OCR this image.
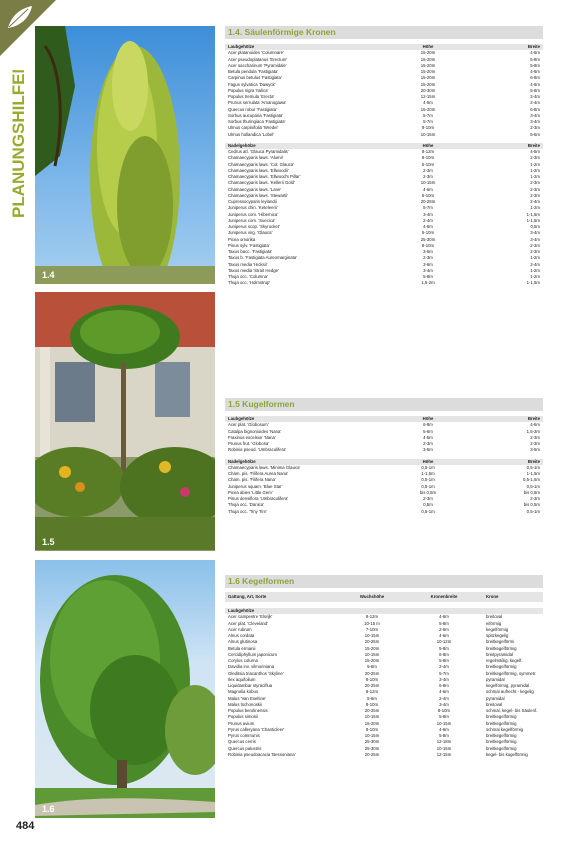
PLANUNGSHILFEN
1.4
1.5
1.6
1.4. Säulenförmige Kronen
Laubgehölze	Höhe	Breite
Acer platanoides 'Columnare'	15-20m	4-6m
Acer pseudoplatanus 'Erectum'	15-20m	5-8m
Acer saccharinum 'Pyramidale'	15-20m	5-8m
Betula pendula 'Fastigiata'	15-20m	4-6m
Carpinus betulus 'Fastigiata'	15-20m	6-8m
Fagus sylvatica 'Dawyck'	15-20m	4-6m
Populus nigra 'Italica'	20-30m	5-8m
Populus tremula 'Erecta'	12-15m	2-4m
Prunus serrulata 'Amanogawa'	4-5m	2-4m
Quercus robur 'Fastigiata'	15-20m	6-8m
Sorbus aucuparia 'Fastigiata'	5-7m	3-4m
Sorbus thuringiaca 'Fastigiata'	5-7m	3-4m
Ulmus carpinifolia 'Wredei'	8-10m	2-3m
Ulmus hollandica 'Lobel'	10-15m	5-6m
Nadelgehölze	Höhe	Breite
Cedrus atl. 'Glauca Pyramidalis'	8-12m	4-5m
Chamaecyparis laws. 'Alumii'	8-10m	2-3m
Chamaecyparis laws. 'Col. Glauca'	5-10m	1-2m
Chamaecyparis laws. 'Ellwoodii'	2-3m	1-2m
Chamaecyparis laws. 'Ellwood's Pillar'	2-3m	1-2m
Chamaecyparis laws. 'Kellerii Gold'	10-15m	2-3m
Chamaecyparis laws. 'Lane'	4-6m	2-3m
Chamaecyparis laws. 'Stewartii'	5-10m	2-3m
Cupressocyparis leylandii	20-28m	2-4m
Juniperus chin. 'Keteleerii'	5-7m	1-2m
Juniperus com. 'Hibernica'	3-4m	1-1,5m
Juniperus com. 'Suecica'	2-4m	1-1,5m
Juniperus scop. 'Skyrocket'	4-6m	0,5m
Juniperus virg. 'Glauca'	5-10m	3-4m
Picea omorika	25-30m	3-4m
Pinus sylv. 'Fastigiata'	8-10m	2-3m
Taxus bacc. 'Fastigiata'	3-5m	2-3m
Taxus b. 'Fastigiata Aureomarginata'	2-3m	1-2m
Taxus media 'Hicksii'	3-6m	2-4m
Taxus media 'Strait Hedge'	3-4m	1-2m
Thuja occ. 'Columna'	5-8m	1-2m
Thuja occ. 'Holmstrup'	1,5-2m	1-1,5m
1.5 Kugelformen
Laubgehölze	Höhe	Breite
Acer plat. 'Globosum'	6-8m	4-6m
Catalpa bignonioides 'Nana'	5-6m	1,5-3m
Fraxinus excelsior 'Nana'	4-5m	2-3m
Prunus frut. 'Globosa'	2-3m	2-3m
Robinia pseud. 'Umbraculifera'	3-5m	3-5m
Nadelgehölze	Höhe	Breite
Chamaecyparis laws. 'Minima Glauca'	0,5-1m	0,5-1m
Cham. pis. 'Filifera Aurea Nana'	1-1,5m	1-1,5m
Cham. pis. 'Filifera Nana'	0,5-1m	0,5-1,5m
Juniperus squam. 'Blue Star'	0,5-1m	0,5-1m
Picea abies 'Little Gem'	bis 0,5m	bis 0,5m
Pinus densiflora 'Umbraculifera'	2-3m	2-3m
Thuja occ. 'Danica'	0,5m	bis 0,5m
Thuja occ. 'Tiny Tim'	0,5-1m	0,5-1m
1.6 Kegelformen
Gattung, Art, Sorte	Wuchshöhe	Kronenbreite	Krone
Laubgehölze
Acer campestre 'Elsrijk'	8-12m	4-6m	breitoval
Acer plat. 'Cleveland'	10-15 m	5-8m	eiförmig
Acer rubrum	7-10m	2-5m	kegelförmig
Alnus cordata	10-15m	4-6m	spitzkegelig
Alnus glutinosa	20-25m	10-12m	breitkegelförmi
Betula ermanii	15-20m	5-8m	breitkegelförmig
Cercidiphyllum japonicum	10-15m	6-8m	breitpyramidal
Corylus colurna	15-20m	5-8m	regelmäßig, kegelf.
Davidia inv. vilmoriniana	5-6m	2-4m	breitkegelförmig
Gleditsia triacanthos 'Skyline'	20-25m	5-7m	breitkegelförmig, symmetr.
Ilex aquifolium	8-10m	3-4m	pyramidal
Liquidambar styraciflua	20-25m	6-8m	kegelförmig, pyramidal
Magnolia kobus	8-12m	4-6m	schmal aufrecht - kegelig
Malus 'Van Eseltine'	5-6m	2-4m	pyramidal
Malus tschonoskii	8-10m	3-4m	breitoval
Populus berolinensis	20-25m	8-10m	schmal, kegel- bis Säulenf.
Populus simonii	10-15m	5-8m	breitkegelförmig
Prunus avium	15-20m	10-15m	breitkegelförmig
Pyrus calleryana 'Chanticleer'	8-10m	4-6m	schmal kegelförmig
Pyrus communis	10-15m	5-8m	breitkegelförmig
Quercus cerris	25-30m	12-18m	breitkegelförmig
Quercus palustris	25-30m	10-15m	breitkegelförmig
Robinia pseudoacacia 'Bessoniana'	20-25m	12-15m	kegel- bis kugelförmig
484
